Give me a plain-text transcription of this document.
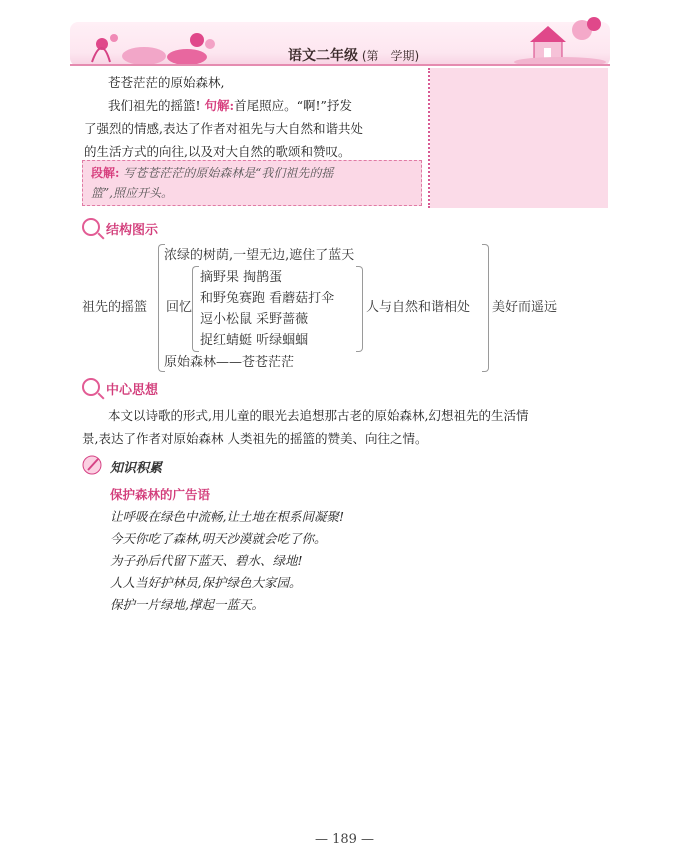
语文二年级 (第 学期)
苍苍茫茫的原始森林,
我们祖先的摇篮! 句解:首尾照应。“啊!”抒发
了强烈的情感,表达了作者对祖先与大自然和谐共处
的生活方式的向往,以及对大自然的歌颂和赞叹。
段解: 写苍苍茫茫的原始森林是“我们祖先的摇
篮”,照应开头。
结构图示
祖先的摇篮
浓绿的树荫,一望无边,遮住了蓝天
回忆
摘野果 掏鹊蛋
和野兔赛跑 看蘑菇打伞
逗小松鼠 采野蔷薇
捉红蜻蜓 听绿蝈蝈
原始森林——苍苍茫茫
人与自然和谐相处 美好而遥远
中心思想
本文以诗歌的形式,用儿童的眼光去追想那古老的原始森林,幻想祖先的生活情
景,表达了作者对原始森林 人类祖先的摇篮的赞美、向往之情。
知识积累
保护森林的广告语
让呼吸在绿色中流畅,让土地在根系间凝聚!
今天你吃了森林,明天沙漠就会吃了你。
为子孙后代留下蓝天、碧水、绿地!
人人当好护林员,保护绿色大家园。
保护一片绿地,撑起一蓝天。
— 189 —
